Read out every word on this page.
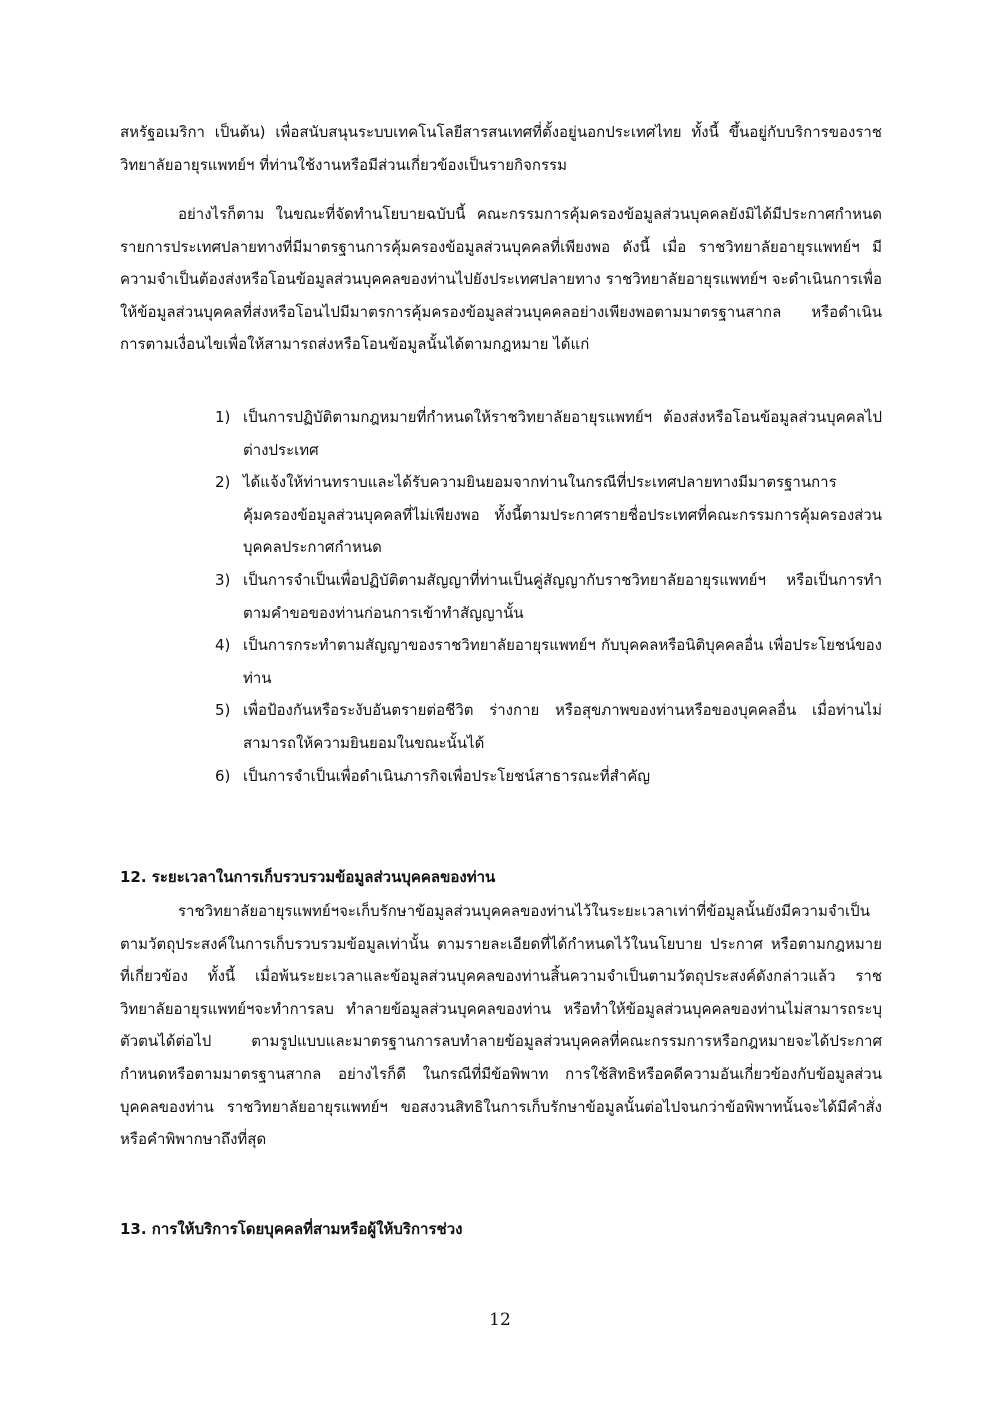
สหรัฐอเมริกา เป็นต้น) เพื่อสนับสนุนระบบเทคโนโลยีสารสนเทศที่ตั้งอยู่นอกประเทศไทย ทั้งนี้ ขึ้นอยู่กับบริการของราชวิทยาลัยอายุรแพทย์ฯ ที่ท่านใช้งานหรือมีส่วนเกี่ยวข้องเป็นรายกิจกรรม

อย่างไรก็ตาม ในขณะที่จัดทำนโยบายฉบับนี้ คณะกรรมการคุ้มครองข้อมูลส่วนบุคคลยังมิได้มีประกาศกำหนดรายการประเทศปลายทางที่มีมาตรฐานการคุ้มครองข้อมูลส่วนบุคคลที่เพียงพอ ดังนี้ เมื่อ ราชวิทยาลัยอายุรแพทย์ฯ มีความจำเป็นต้องส่งหรือโอนข้อมูลส่วนบุคคลของท่านไปยังประเทศปลายทาง ราชวิทยาลัยอายุรแพทย์ฯ จะดำเนินการเพื่อให้ข้อมูลส่วนบุคคลที่ส่งหรือโอนไปมีมาตรการคุ้มครองข้อมูลส่วนบุคคลอย่างเพียงพอตามมาตรฐานสากล หรือดำเนินการตามเงื่อนไขเพื่อให้สามารถส่งหรือโอนข้อมูลนั้นได้ตามกฎหมาย ได้แก่

1) เป็นการปฏิบัติตามกฎหมายที่กำหนดให้ราชวิทยาลัยอายุรแพทย์ฯ ต้องส่งหรือโอนข้อมูลส่วนบุคคลไปต่างประเทศ
2) ได้แจ้งให้ท่านทราบและได้รับความยินยอมจากท่านในกรณีที่ประเทศปลายทางมีมาตรฐานการคุ้มครองข้อมูลส่วนบุคคลที่ไม่เพียงพอ ทั้งนี้ตามประกาศรายชื่อประเทศที่คณะกรรมการคุ้มครองส่วนบุคคลประกาศกำหนด
3) เป็นการจำเป็นเพื่อปฏิบัติตามสัญญาที่ท่านเป็นคู่สัญญากับราชวิทยาลัยอายุรแพทย์ฯ หรือเป็นการทำตามคำขอของท่านก่อนการเข้าทำสัญญานั้น
4) เป็นการกระทำตามสัญญาของราชวิทยาลัยอายุรแพทย์ฯ กับบุคคลหรือนิติบุคคลอื่น เพื่อประโยชน์ของท่าน
5) เพื่อป้องกันหรือระงับอันตรายต่อชีวิต ร่างกาย หรือสุขภาพของท่านหรือของบุคคลอื่น เมื่อท่านไม่สามารถให้ความยินยอมในขณะนั้นได้
6) เป็นการจำเป็นเพื่อดำเนินภารกิจเพื่อประโยชน์สาธารณะที่สำคัญ
12. ระยะเวลาในการเก็บรวบรวมข้อมูลส่วนบุคคลของท่าน

ราชวิทยาลัยอายุรแพทย์ฯจะเก็บรักษาข้อมูลส่วนบุคคลของท่านไว้ในระยะเวลาเท่าที่ข้อมูลนั้นยังมีความจำเป็นตามวัตถุประสงค์ในการเก็บรวบรวมข้อมูลเท่านั้น ตามรายละเอียดที่ได้กำหนดไว้ในนโยบาย ประกาศ หรือตามกฎหมายที่เกี่ยวข้อง ทั้งนี้ เมื่อพ้นระยะเวลาและข้อมูลส่วนบุคคลของท่านสิ้นความจำเป็นตามวัตถุประสงค์ดังกล่าวแล้ว ราชวิทยาลัยอายุรแพทย์ฯจะทำการลบ ทำลายข้อมูลส่วนบุคคลของท่าน หรือทำให้ข้อมูลส่วนบุคคลของท่านไม่สามารถระบุตัวตนได้ต่อไป ตามรูปแบบและมาตรฐานการลบทำลายข้อมูลส่วนบุคคลที่คณะกรรมการหรือกฎหมายจะได้ประกาศกำหนดหรือตามมาตรฐานสากล อย่างไรก็ดี ในกรณีที่มีข้อพิพาท การใช้สิทธิหรือคดีความอันเกี่ยวข้องกับข้อมูลส่วนบุคคลของท่าน ราชวิทยาลัยอายุรแพทย์ฯ ขอสงวนสิทธิในการเก็บรักษาข้อมูลนั้นต่อไปจนกว่าข้อพิพาทนั้นจะได้มีคำสั่งหรือคำพิพากษาถึงที่สุด

13. การให้บริการโดยบุคคลที่สามหรือผู้ให้บริการช่วง
12
